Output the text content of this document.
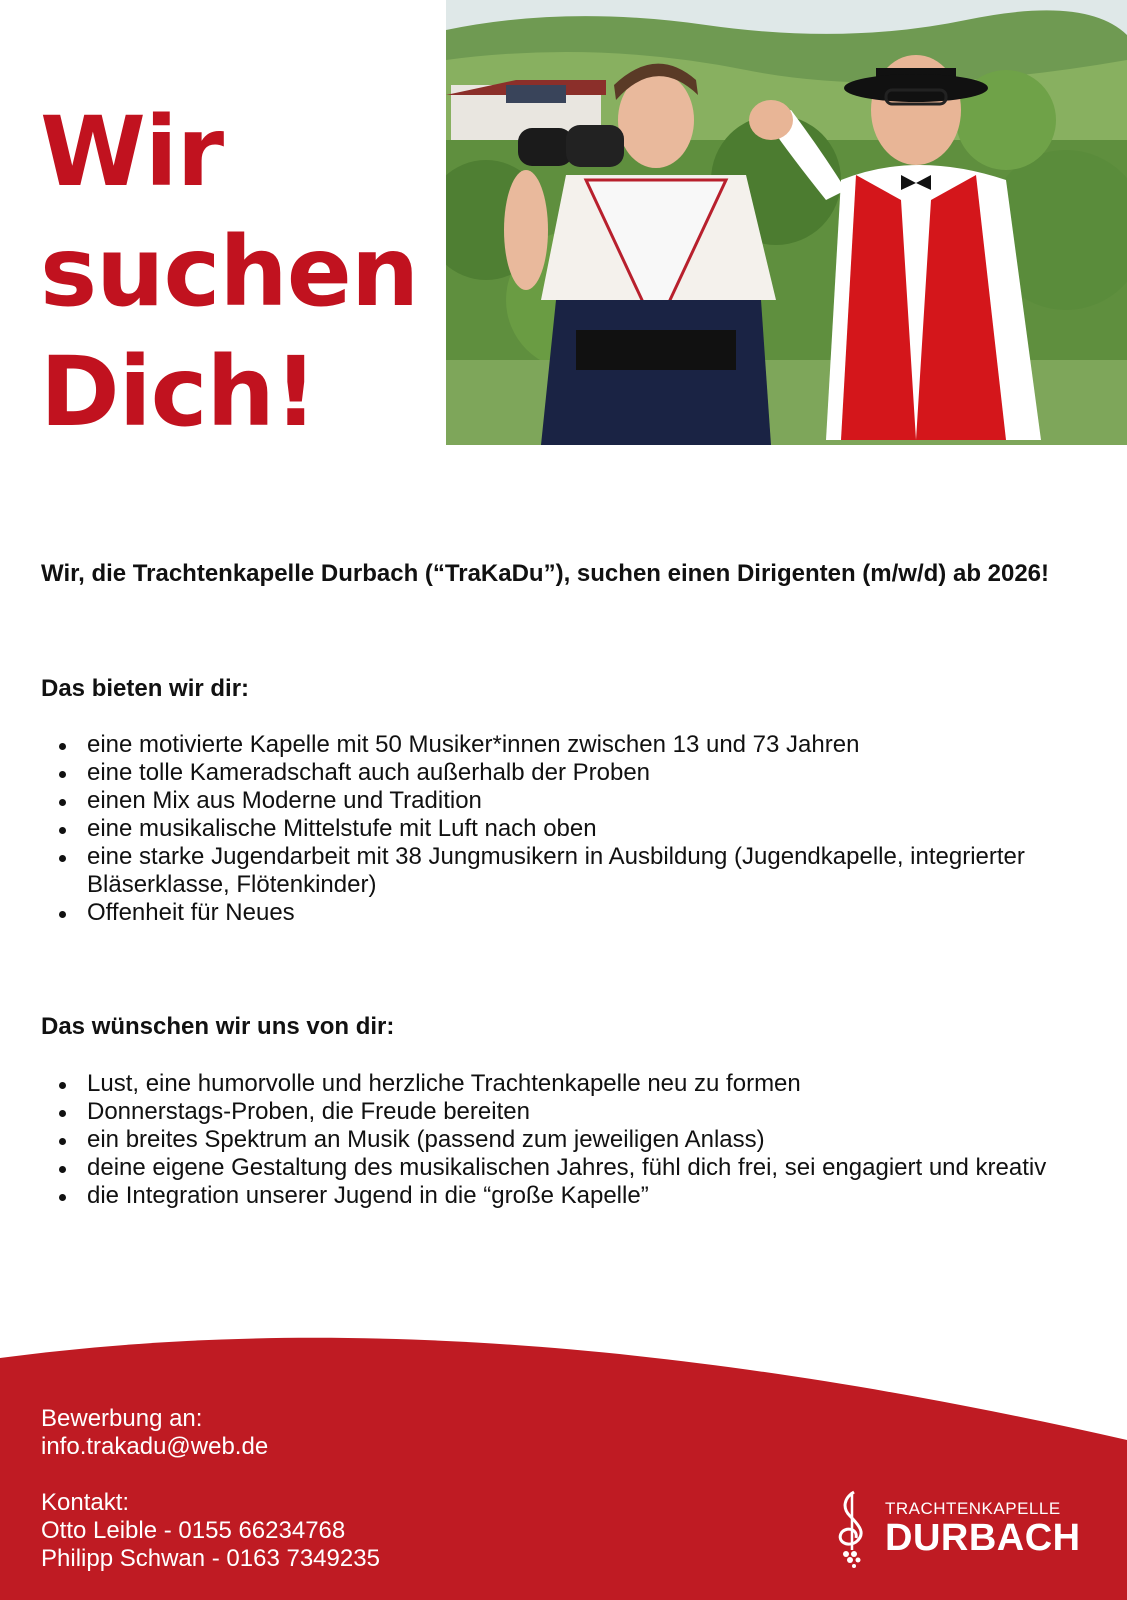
Wir
suchen
Dich!

Wir, die Trachtenkapelle Durbach (“TraKaDu”), suchen einen Dirigenten (m/w/d) ab 2026!

Das bieten wir dir:
eine motivierte Kapelle mit 50 Musiker*innen zwischen 13 und 73 Jahren
eine tolle Kameradschaft auch außerhalb der Proben
einen Mix aus Moderne und Tradition
eine musikalische Mittelstufe mit Luft nach oben
eine starke Jugendarbeit mit 38 Jungmusikern in Ausbildung (Jugendkapelle, integrierter Bläserklasse, Flötenkinder)
Offenheit für Neues
Das wünschen wir uns von dir:
Lust, eine humorvolle und herzliche Trachtenkapelle neu zu formen
Donnerstags-Proben, die Freude bereiten
ein breites Spektrum an Musik (passend zum jeweiligen Anlass)
deine eigene Gestaltung des musikalischen Jahres, fühl dich frei, sei engagiert und kreativ
die Integration unserer Jugend in die “große Kapelle”
Bewerbung an:
info.trakadu@web.de
Kontakt:
Otto Leible - 0155 66234768
Philipp Schwan - 0163 7349235
TRACHTENKAPELLE
DURBACH
